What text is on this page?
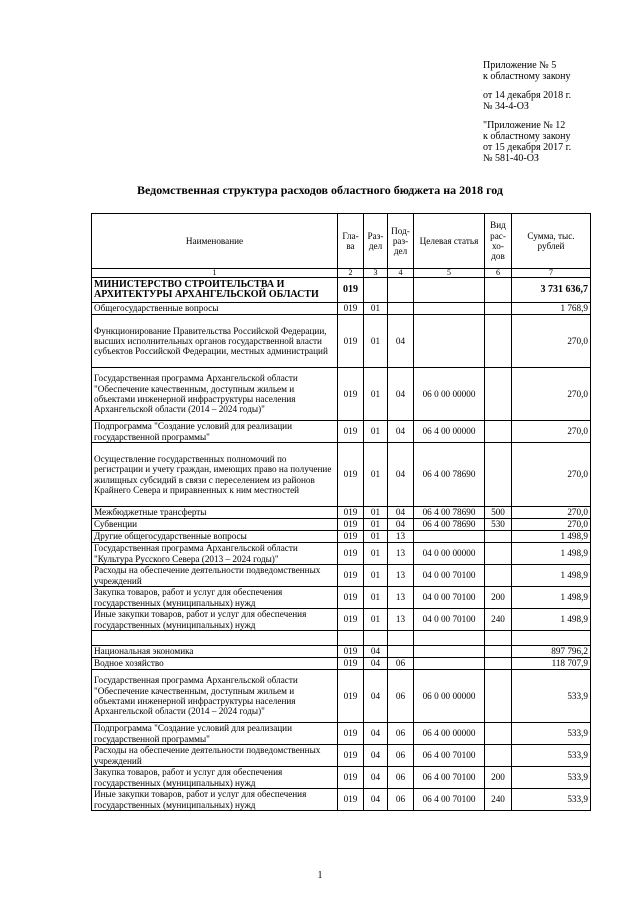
Приложение № 5
к областному закону

от 14 декабря 2018 г.
№ 34-4-ОЗ

"Приложение № 12
к областному закону
от 15 декабря 2017 г.
№ 581-40-ОЗ

Ведомственная структура расходов областного бюджета на 2018 год
Наименование	Гла-ва	Раз-дел	Под-раз-дел	Целевая статья	Вид рас-хо-дов	Сумма, тыс. рублей
1	2	3	4	5	6	7
МИНИСТЕРСТВО СТРОИТЕЛЬСТВА И АРХИТЕКТУРЫ АРХАНГЕЛЬСКОЙ ОБЛАСТИ	019					3 731 636,7
Общегосударственные вопросы	019	01				1 768,9
Функционирование Правительства Российской Федерации, высших исполнительных органов государственной власти субъектов Российской Федерации, местных администраций	019	01	04			270,0
Государственная программа Архангельской области "Обеспечение качественным, доступным жильем и объектами инженерной инфраструктуры населения Архангельской области (2014 – 2024 годы)"	019	01	04	06 0 00 00000		270,0
Подпрограмма "Создание условий для реализации государственной программы"	019	01	04	06 4 00 00000		270,0
Осуществление государственных полномочий по регистрации и учету граждан, имеющих право на получение жилищных субсидий в связи с переселением из районов Крайнего Севера и приравненных к ним местностей	019	01	04	06 4 00 78690		270,0
Межбюджетные трансферты	019	01	04	06 4 00 78690	500	270,0
Субвенции	019	01	04	06 4 00 78690	530	270,0
Другие общегосударственные вопросы	019	01	13			1 498,9
Государственная программа Архангельской области "Культура Русского Севера (2013 – 2024 годы)"	019	01	13	04 0 00 00000		1 498,9
Расходы на обеспечение деятельности подведомственных учреждений	019	01	13	04 0 00 70100		1 498,9
Закупка товаров, работ и услуг для обеспечения государственных (муниципальных) нужд	019	01	13	04 0 00 70100	200	1 498,9
Иные закупки товаров, работ и услуг для обеспечения государственных (муниципальных) нужд	019	01	13	04 0 00 70100	240	1 498,9

Национальная экономика	019	04				897 796,2
Водное хозяйство	019	04	06			118 707,9
Государственная программа Архангельской области "Обеспечение качественным, доступным жильем и объектами инженерной инфраструктуры населения Архангельской области (2014 – 2024 годы)"	019	04	06	06 0 00 00000		533,9
Подпрограмма "Создание условий для реализации государственной программы"	019	04	06	06 4 00 00000		533,9
Расходы на обеспечение деятельности подведомственных учреждений	019	04	06	06 4 00 70100		533,9
Закупка товаров, работ и услуг для обеспечения государственных (муниципальных) нужд	019	04	06	06 4 00 70100	200	533,9
Иные закупки товаров, работ и услуг для обеспечения государственных (муниципальных) нужд	019	04	06	06 4 00 70100	240	533,9
1
